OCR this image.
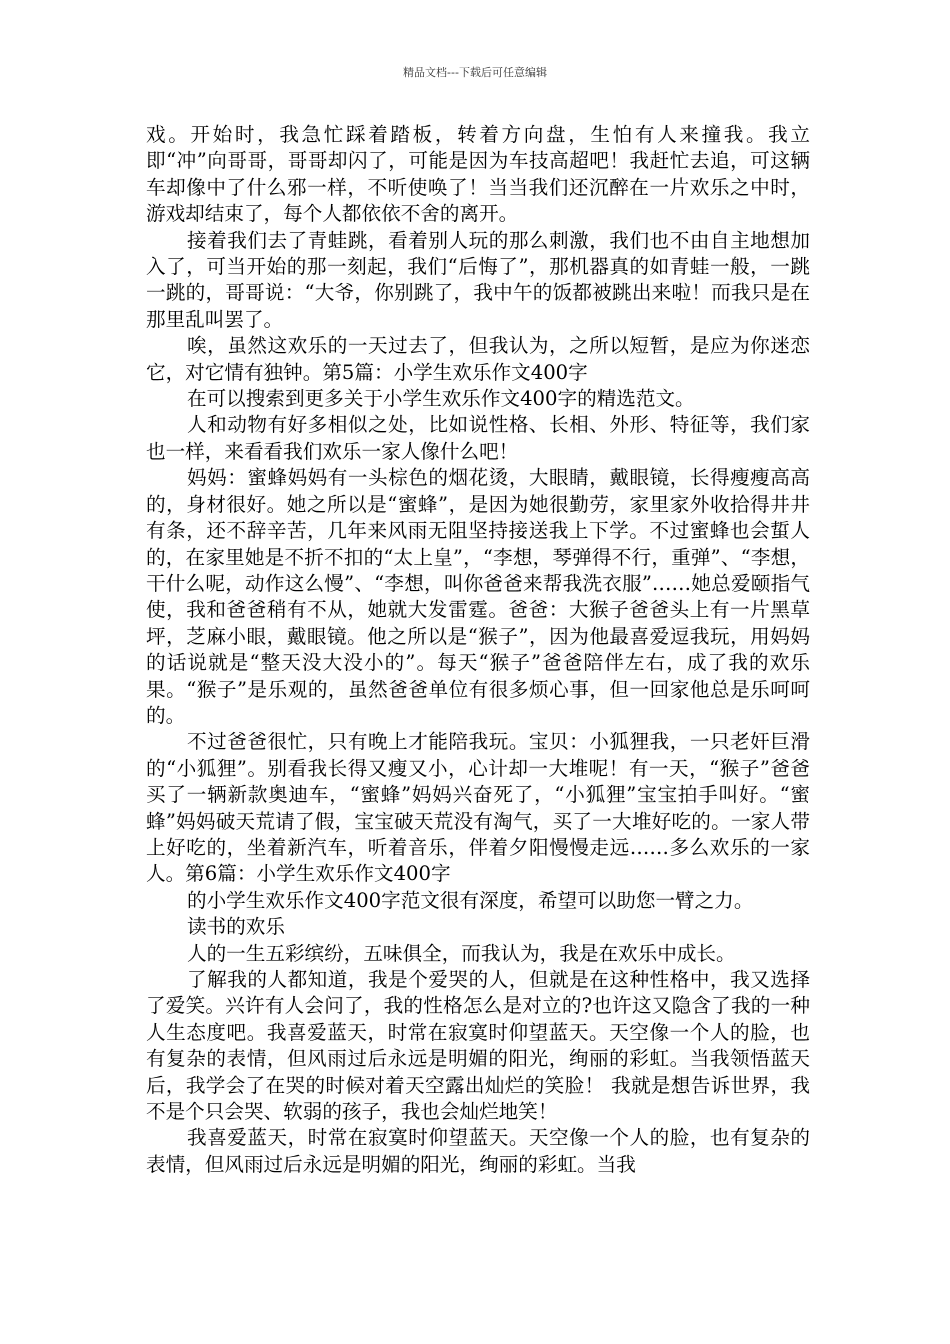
精品文档---下载后可任意编辑

戏。开始时，我急忙踩着踏板，转着方向盘，生怕有人来撞我。我立即“冲”向哥哥，哥哥却闪了，可能是因为车技高超吧！我赶忙去追，可这辆车却像中了什么邪一样，不听使唤了！当当我们还沉醉在一片欢乐之中时，游戏却结束了，每个人都依依不舍的离开。

接着我们去了青蛙跳，看着别人玩的那么刺激，我们也不由自主地想加入了，可当开始的那一刻起，我们“后悔了”，那机器真的如青蛙一般，一跳一跳的，哥哥说：“大爷，你别跳了，我中午的饭都被跳出来啦！而我只是在那里乱叫罢了。

唉，虽然这欢乐的一天过去了，但我认为，之所以短暂，是应为你迷恋它，对它情有独钟。第5篇：小学生欢乐作文400字

在可以搜索到更多关于小学生欢乐作文400字的精选范文。

人和动物有好多相似之处，比如说性格、长相、外形、特征等，我们家也一样，来看看我们欢乐一家人像什么吧！

妈妈：蜜蜂妈妈有一头棕色的烟花烫，大眼睛，戴眼镜，长得瘦瘦高高的，身材很好。她之所以是“蜜蜂”，是因为她很勤劳，家里家外收拾得井井有条，还不辞辛苦，几年来风雨无阻坚持接送我上下学。不过蜜蜂也会蜇人的，在家里她是不折不扣的“太上皇”，“李想，琴弹得不行，重弹”、“李想，干什么呢，动作这么慢”、“李想，叫你爸爸来帮我洗衣服”……她总爱颐指气使，我和爸爸稍有不从，她就大发雷霆。爸爸：大猴子爸爸头上有一片黑草坪，芝麻小眼，戴眼镜。他之所以是“猴子”，因为他最喜爱逗我玩，用妈妈的话说就是“整天没大没小的”。每天“猴子”爸爸陪伴左右，成了我的欢乐果。“猴子”是乐观的，虽然爸爸单位有很多烦心事，但一回家他总是乐呵呵的。

不过爸爸很忙，只有晚上才能陪我玩。宝贝：小狐狸我，一只老奸巨滑的“小狐狸”。别看我长得又瘦又小，心计却一大堆呢！有一天，“猴子”爸爸买了一辆新款奥迪车，“蜜蜂”妈妈兴奋死了，“小狐狸”宝宝拍手叫好。“蜜蜂”妈妈破天荒请了假，宝宝破天荒没有淘气，买了一大堆好吃的。一家人带上好吃的，坐着新汽车，听着音乐，伴着夕阳慢慢走远……多么欢乐的一家人。第6篇：小学生欢乐作文400字

的小学生欢乐作文400字范文很有深度，希望可以助您一臂之力。

读书的欢乐

人的一生五彩缤纷，五味俱全，而我认为，我是在欢乐中成长。

了解我的人都知道，我是个爱哭的人，但就是在这种性格中，我又选择了爱笑。兴许有人会问了，我的性格怎么是对立的?也许这又隐含了我的一种人生态度吧。我喜爱蓝天，时常在寂寞时仰望蓝天。天空像一个人的脸，也有复杂的表情，但风雨过后永远是明媚的阳光，绚丽的彩虹。当我领悟蓝天后，我学会了在哭的时候对着天空露出灿烂的笑脸！ 我就是想告诉世界，我不是个只会哭、软弱的孩子，我也会灿烂地笑！

我喜爱蓝天，时常在寂寞时仰望蓝天。天空像一个人的脸，也有复杂的表情，但风雨过后永远是明媚的阳光，绚丽的彩虹。当我
